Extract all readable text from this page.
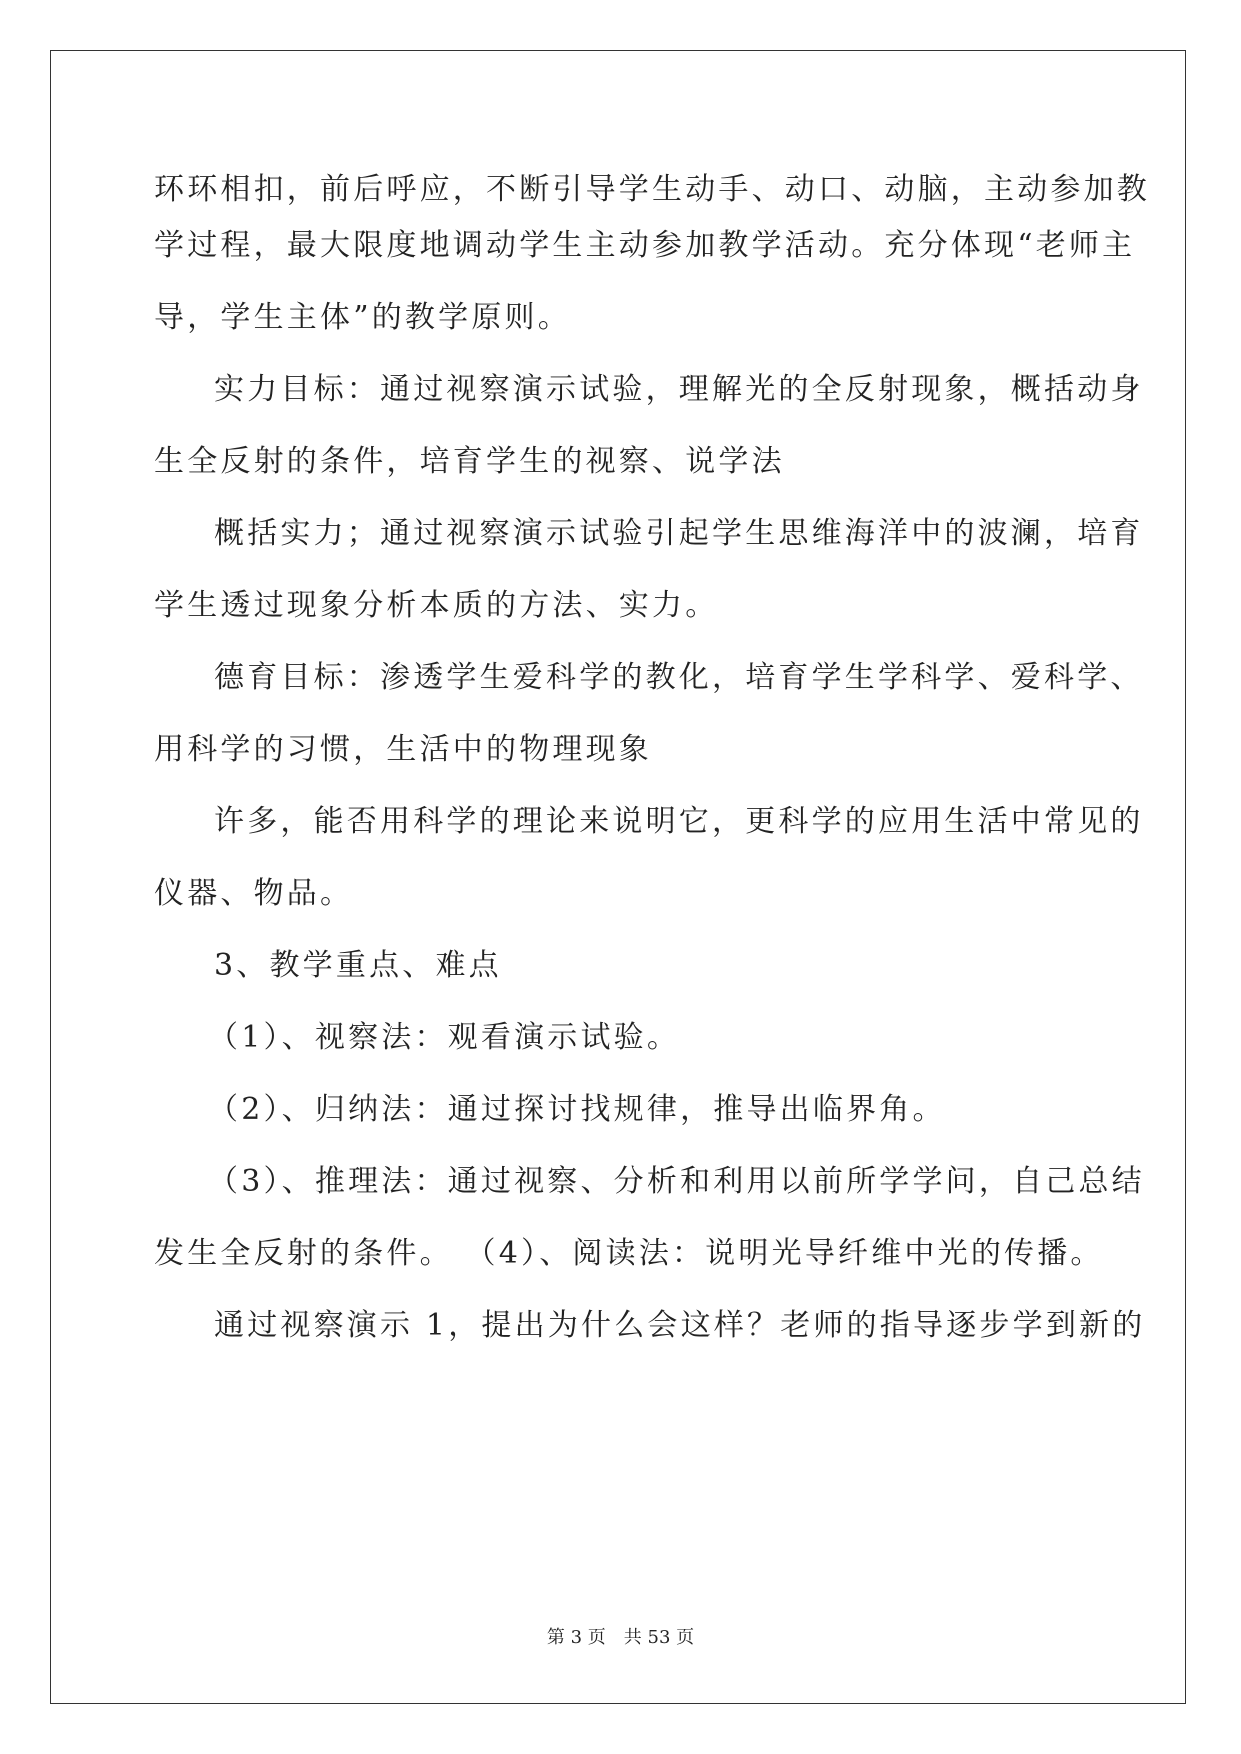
环环相扣，前后呼应，不断引导学生动手、动口、动脑，主动参加教
学过程，最大限度地调动学生主动参加教学活动。充分体现“老师主
导，学生主体”的教学原则。
实力目标：通过视察演示试验，理解光的全反射现象，概括动身
生全反射的条件，培育学生的视察、说学法
概括实力；通过视察演示试验引起学生思维海洋中的波澜，培育
学生透过现象分析本质的方法、实力。
德育目标：渗透学生爱科学的教化，培育学生学科学、爱科学、
用科学的习惯，生活中的物理现象
许多，能否用科学的理论来说明它，更科学的应用生活中常见的
仪器、物品。
3、教学重点、难点
（1）、视察法：观看演示试验。
（2）、归纳法：通过探讨找规律，推导出临界角。
（3）、推理法：通过视察、分析和利用以前所学学问，自己总结
发生全反射的条件。 （4）、阅读法：说明光导纤维中光的传播。
通过视察演示 1，提出为什么会这样？老师的指导逐步学到新的
第 3 页　共 53 页
